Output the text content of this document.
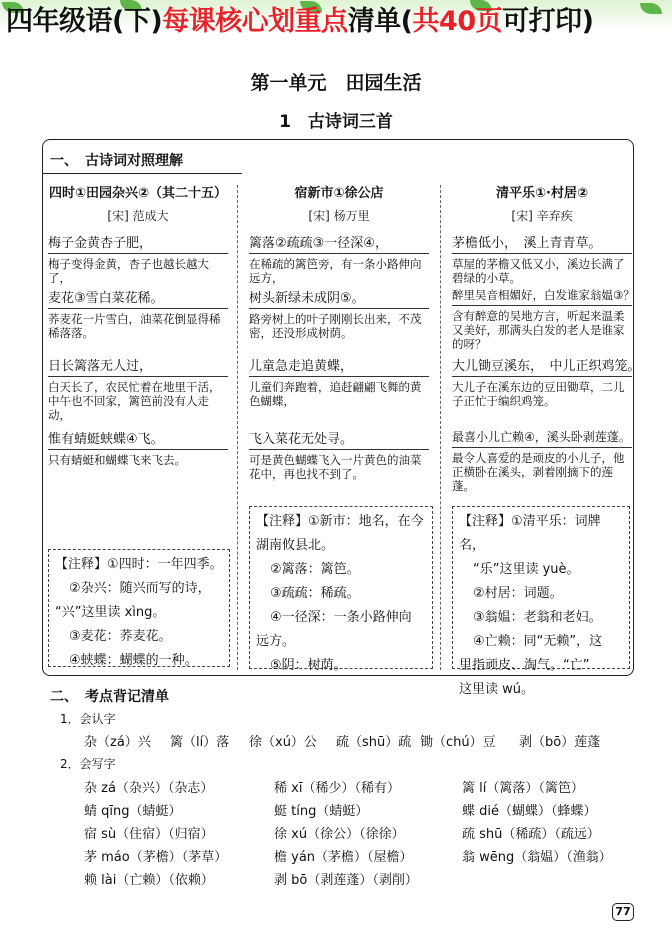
四年级语(下)每课核心划重点清单(共40页可打印)
第一单元　田园生活
1　古诗词三首
一、　古诗词对照理解
四时①田园杂兴②（其二十五）
[宋] 范成大
梅子金黄杏子肥，
梅子变得金黄，杏子也越长越大了，
麦花③雪白菜花稀。
荞麦花一片雪白，油菜花倒显得稀稀落落。
日长篱落无人过，
白天长了，农民忙着在地里干活，中午也不回家，篱笆前没有人走动，
惟有蜻蜓蛱蝶④飞。
只有蜻蜓和蝴蝶飞来飞去。
宿新市①徐公店
[宋] 杨万里
篱落②疏疏③一径深④，
在稀疏的篱笆旁，有一条小路伸向远方，
树头新绿未成阴⑤。
路旁树上的叶子刚刚长出来，不茂密，还没形成树荫。
儿童急走追黄蝶，
儿童们奔跑着，追赶翩翩飞舞的黄色蝴蝶，
飞入菜花无处寻。
可是黄色蝴蝶飞入一片黄色的油菜花中，再也找不到了。
清平乐①·村居②
[宋] 辛弃疾
茅檐低小，　溪上青青草。
草屋的茅檐又低又小，溪边长满了碧绿的小草。
醉里吴音相媚好，白发谁家翁媪③？
含有醉意的吴地方言，听起来温柔又美好，那满头白发的老人是谁家的呀？
大儿锄豆溪东，　中儿正织鸡笼。
大儿子在溪东边的豆田锄草，二儿子正忙于编织鸡笼。
最喜小儿亡赖④，溪头卧剥莲蓬。
最令人喜爱的是顽皮的小儿子，他正横卧在溪头，剥着刚摘下的莲蓬。
【注释】①四时：一年四季。
②杂兴：随兴而写的诗，
“兴”这里读 xìng。
③麦花：荞麦花。
④蛱蝶：蝴蝶的一种。
【注释】①新市：地名，在今
湖南攸县北。
②篱落：篱笆。
③疏疏：稀疏。
④一径深：一条小路伸向
远方。
⑤阴：树荫。
【注释】①清平乐：词牌名，
“乐”这里读 yuè。
②村居：词题。
③翁媪：老翁和老妇。
④亡赖：同“无赖”，这
里指顽皮、淘气。“亡”
这里读 wú。
二、　考点背记清单
1．会认字
杂（zá）兴 篱（lí）落 徐（xú）公 疏（shū）疏 锄（chú）豆 剥（bō）莲蓬
2．会写字
杂 zá（杂兴）（杂志）	稀 xī（稀少）（稀有）	篱 lí（篱落）（篱笆）
蜻 qīng（蜻蜓）	蜓 tíng（蜻蜓）	蝶 dié（蝴蝶）（蜂蝶）
宿 sù（住宿）（归宿）	徐 xú（徐公）（徐徐）	疏 shū（稀疏）（疏远）
茅 máo（茅檐）（茅草）	檐 yán（茅檐）（屋檐）	翁 wēng（翁媪）（渔翁）
赖 lài（亡赖）（依赖）	剥 bō（剥莲蓬）（剥削）
77
